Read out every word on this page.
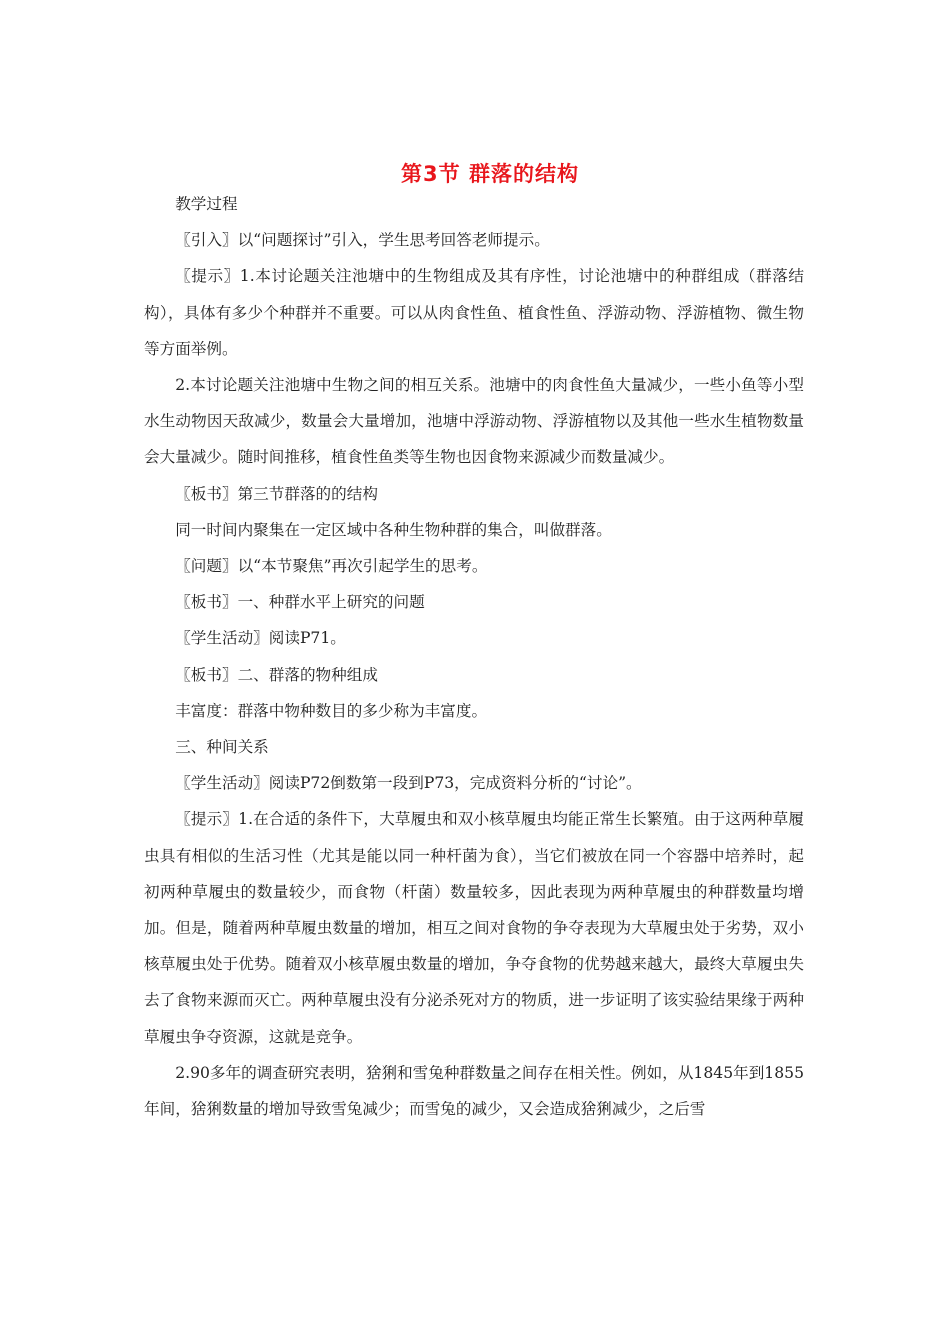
第3节 群落的结构

教学过程

〖引入〗以“问题探讨”引入，学生思考回答老师提示。

〖提示〗1.本讨论题关注池塘中的生物组成及其有序性，讨论池塘中的种群组成（群落结构），具体有多少个种群并不重要。可以从肉食性鱼、植食性鱼、浮游动物、浮游植物、微生物等方面举例。

2.本讨论题关注池塘中生物之间的相互关系。池塘中的肉食性鱼大量减少，一些小鱼等小型水生动物因天敌减少，数量会大量增加，池塘中浮游动物、浮游植物以及其他一些水生植物数量会大量减少。随时间推移，植食性鱼类等生物也因食物来源减少而数量减少。

〖板书〗第三节群落的的结构

同一时间内聚集在一定区域中各种生物种群的集合，叫做群落。

〖问题〗以“本节聚焦”再次引起学生的思考。

〖板书〗一、种群水平上研究的问题

〖学生活动〗阅读P71。

〖板书〗二、群落的物种组成

丰富度：群落中物种数目的多少称为丰富度。

三、种间关系

〖学生活动〗阅读P72倒数第一段到P73，完成资料分析的“讨论”。

〖提示〗1.在合适的条件下，大草履虫和双小核草履虫均能正常生长繁殖。由于这两种草履虫具有相似的生活习性（尤其是能以同一种杆菌为食），当它们被放在同一个容器中培养时，起初两种草履虫的数量较少，而食物（杆菌）数量较多，因此表现为两种草履虫的种群数量均增加。但是，随着两种草履虫数量的增加，相互之间对食物的争夺表现为大草履虫处于劣势，双小核草履虫处于优势。随着双小核草履虫数量的增加，争夺食物的优势越来越大，最终大草履虫失去了食物来源而灭亡。两种草履虫没有分泌杀死对方的物质，进一步证明了该实验结果缘于两种草履虫争夺资源，这就是竞争。

2.90多年的调查研究表明，猞猁和雪兔种群数量之间存在相关性。例如，从1845年到1855年间，猞猁数量的增加导致雪兔减少；而雪兔的减少，又会造成猞猁减少，之后雪
